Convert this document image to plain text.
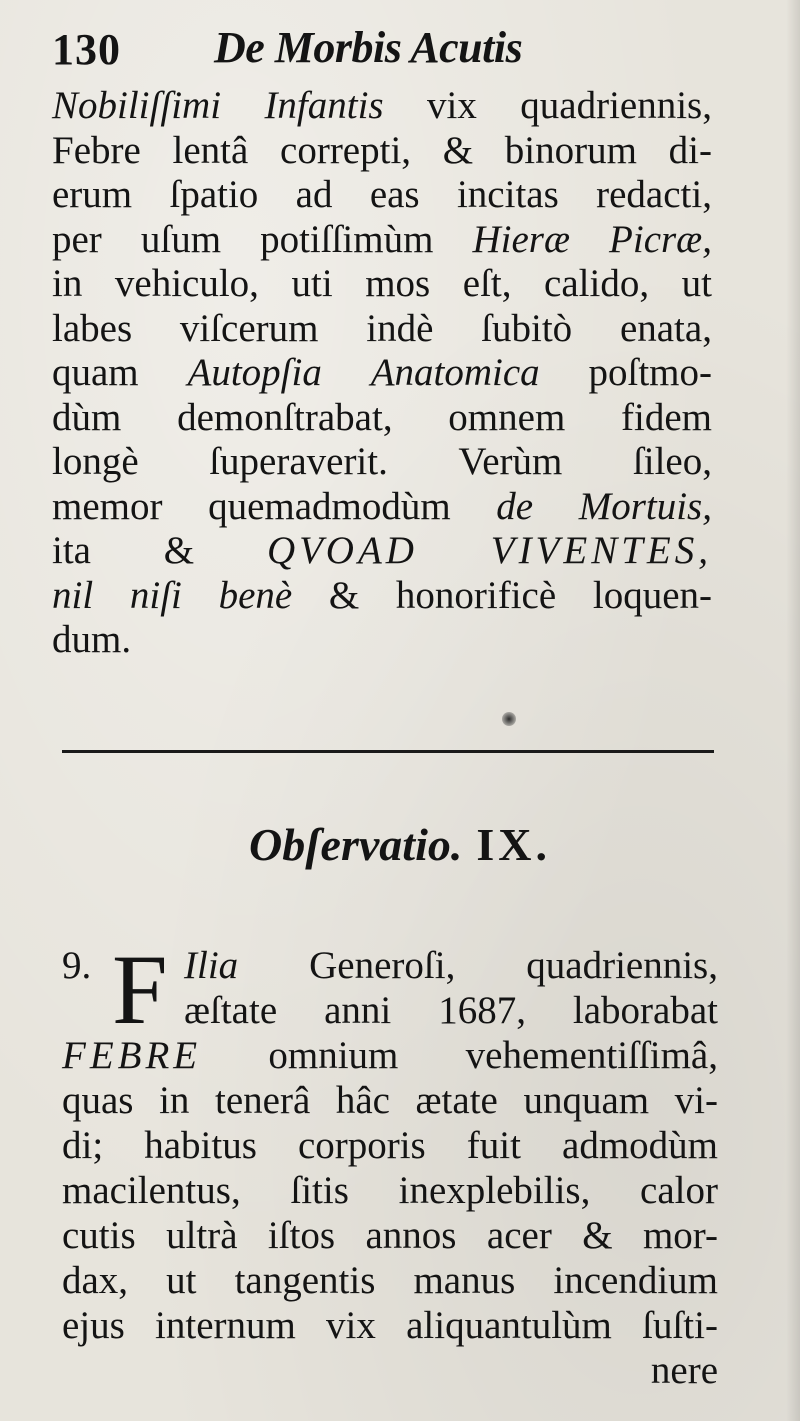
130 De Morbis Acutis
Nobiliſſimi Infantis vix quadriennis,
Febre lentâ correpti, & binorum di-
erum ſpatio ad eas incitas redacti,
per uſum potiſſimùm Hieræ Picræ,
in vehiculo, uti mos eſt, calido, ut
labes viſcerum indè ſubitò enata,
quam Autopſia Anatomica poſtmo-
dùm demonſtrabat, omnem fidem
longè ſuperaverit. Verùm ſileo,
memor quemadmodùm de Mortuis,
ita & QVOAD VIVENTES,
nil niſi benè & honorificè loquen-
dum.
Obſervatio. IX.
9. F Ilia Generoſi, quadriennis,
æſtate anni 1687, laborabat
FEBRE omnium vehementiſſimâ,
quas in tenerâ hâc ætate unquam vi-
di; habitus corporis fuit admodùm
macilentus, ſitis inexplebilis, calor
cutis ultrà iſtos annos acer & mor-
dax, ut tangentis manus incendium
ejus internum vix aliquantulùm ſuſti-
nere
